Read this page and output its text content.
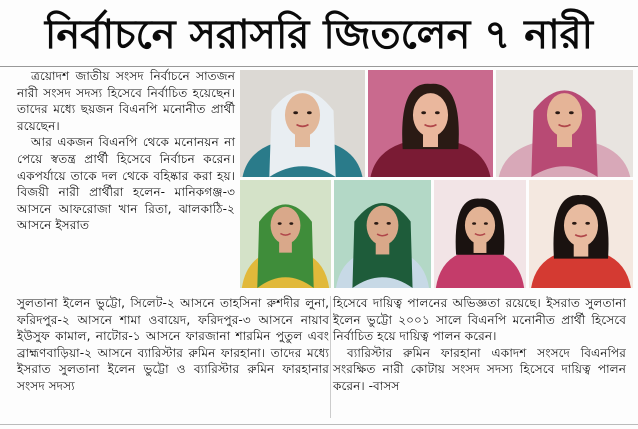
নির্বাচনে সরাসরি জিতলেন ৭ নারী

ত্রয়োদশ জাতীয় সংসদ নির্বাচনে সাতজন নারী সংসদ সদস্য হিসেবে নির্বাচিত হয়েছেন। তাদের মধ্যে ছয়জন বিএনপি মনোনীত প্রার্থী রয়েছেন।

আর একজন বিএনপি থেকে মনোনয়ন না পেয়ে স্বতন্ত্র প্রার্থী হিসেবে নির্বাচন করেন। একপর্যায়ে তাকে দল থেকে বহিষ্কার করা হয়। বিজয়ী নারী প্রার্থীরা হলেন- মানিকগঞ্জ-৩ আসনে আফরোজা খান রিতা, ঝালকাঠি-২ আসনে ইসরাত

সুলতানা ইলেন ভুট্টো, সিলেট-২ আসনে তাহসিনা রুশদীর লুনা, ফরিদপুর-২ আসনে শামা ওবায়েদ, ফরিদপুর-৩ আসনে নায়াব ইউসুফ কামাল, নাটোর-১ আসনে ফারজানা শারমিন পুতুল এবং ব্রাহ্মণবাড়িয়া-২ আসনে ব্যারিস্টার রুমিন ফারহানা। তাদের মধ্যে ইসরাত সুলতানা ইলেন ভুট্টো ও ব্যারিস্টার রুমিন ফারহানার সংসদ সদস্য

হিসেবে দায়িত্ব পালনের অভিজ্ঞতা রয়েছে। ইসরাত সুলতানা ইলেন ভুট্টো ২০০১ সালে বিএনপি মনোনীত প্রার্থী হিসেবে নির্বাচিত হয়ে দায়িত্ব পালন করেন।

ব্যারিস্টার রুমিন ফারহানা একাদশ সংসদে বিএনপির সংরক্ষিত নারী কোটায় সংসদ সদস্য হিসেবে দায়িত্ব পালন করেন। -বাসস
